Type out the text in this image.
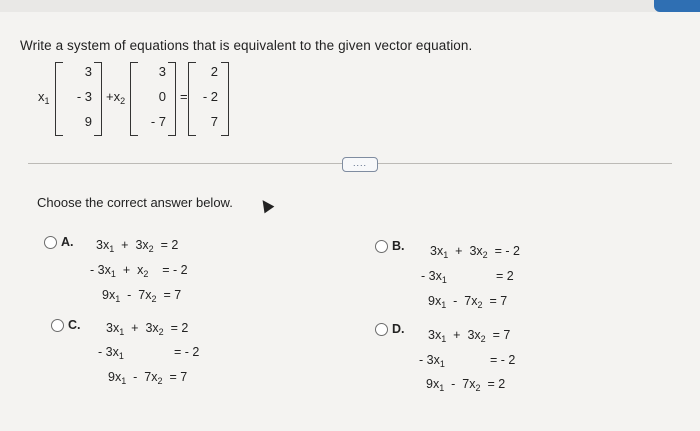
Write a system of equations that is equivalent to the given vector equation.
$x_1$
3
- 3
9
$+x_2$
3
0
- 7
=
2
- 2
7
....
Choose the correct answer below.
A. $3x_1 + 3x_2 = 2$
- $3x_1 + x_2$ = - 2
$9x_1 - 7x_2 = 7$
C. $3x_1 + 3x_2 = 2$
- $3x_1$	= - 2
$9x_1 - 7x_2 = 7$
B. $3x_1 + 3x_2$ = - 2
- $3x_1$	= 2
$9x_1 - 7x_2 = 7$
D. $3x_1 + 3x_2 = 7$
- $3x_1$	= - 2
$9x_1 - 7x_2 = 2$
